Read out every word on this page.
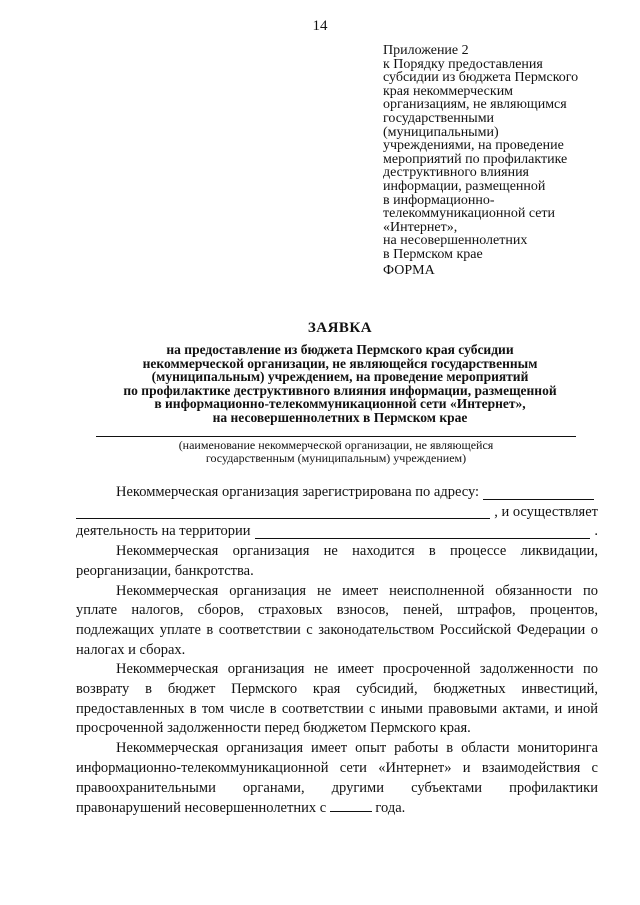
14
Приложение 2
к Порядку предоставления
субсидии из бюджета Пермского
края некоммерческим
организациям, не являющимся
государственными
(муниципальными)
учреждениями, на проведение
мероприятий по профилактике
деструктивного влияния
информации, размещенной
в информационно-
телекоммуникационной сети
«Интернет»,
на несовершеннолетних
в Пермском крае
ФОРМА
ЗАЯВКА
на предоставление из бюджета Пермского края субсидии
некоммерческой организации, не являющейся государственным
(муниципальным) учреждением, на проведение мероприятий
по профилактике деструктивного влияния информации, размещенной
в информационно-телекоммуникационной сети «Интернет»,
на несовершеннолетних в Пермском крае
(наименование некоммерческой организации, не являющейся
государственным (муниципальным) учреждением)

Некоммерческая организация зарегистрирована по адресу:

, и осуществляет
деятельность на территории	.

Некоммерческая организация не находится в процессе ликвидации, реорганизации, банкротства.

Некоммерческая организация не имеет неисполненной обязанности по уплате налогов, сборов, страховых взносов, пеней, штрафов, процентов, подлежащих уплате в соответствии с законодательством Российской Федерации о налогах и сборах.

Некоммерческая организация не имеет просроченной задолженности по возврату в бюджет Пермского края субсидий, бюджетных инвестиций, предоставленных в том числе в соответствии с иными правовыми актами, и иной просроченной задолженности перед бюджетом Пермского края.

Некоммерческая организация имеет опыт работы в области мониторинга информационно-телекоммуникационной сети «Интернет» и взаимодействия с правоохранительными органами, другими субъектами профилактики правонарушений несовершеннолетних с	года.
